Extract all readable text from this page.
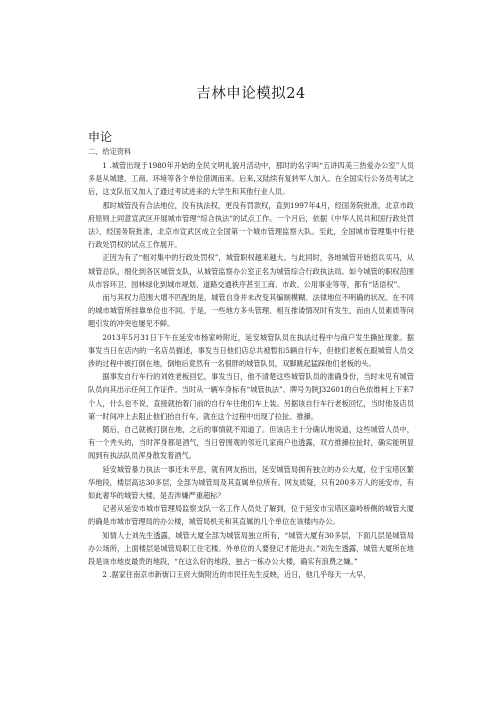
吉林申论模拟24
申论
二、给定资料

1 .城管出现于1980年开始的全民文明礼貌月活动中，那时的名字叫“五讲四美三热爱办公室”人员多是从城建、工商、环境等各个单位借调而来。后来,又陆续有复转军人加入、在全国实行公务员考试之后，这支队伍又加入了通过考试进来的大学生和其他行业人员。

那时城管没有合法地位，没有执法权，更没有罚款权，直到1997年4月，经国务院批准，北京市政府原则上同意宣武区开展城市管理“综合执法”的试点工作。一个月后，依据《中华人民共和国行政处罚法》，经国务院批准，北京市宣武区成立全国第一个城市管理监察大队。至此，全国城市管理集中行使行政处罚权的试点工作展开。

正因为有了“相对集中的行政处罚权”，城管职权越来越大。与此同时，各地城管开始招兵买马，从城管总队，细化到各区城管支队，从城管监察办公室正名为城管综合行政执法局。如今城管的职权范围从市容环卫、园林绿化到城市规划、道路交通秩序甚至工商、市政、公用事业等等，都有“话语权”。

而与其权力范围大增不匹配的是，城管自身并未改变其编制模糊、法律地位不明确的状况。在不同的城市城管所挂靠单位也不同。于是，一些地方多头管理、相互推诿情况时有发生，而由人员素质等问题引发的冲突也屡见不鲜。

2013年5月31日下午在延安市杨家岭附近，延安城管队员在执法过程中与商户发生撕扯现象。据事发当日在店内的一名店员描述，事发当日他们店总共被暂扣5辆自行车，但他们老板在跟城管人员交涉的过程中被打倒在地，倒地后竟然有一名很胖的城管队员，双脚跳起猛踩他们老板的头。

据事发自行车行的刘姓老板回忆，事发当日，他不清楚这些城管队员的准确身份，当时未见有城管队员向其出示任何工作证件。当时从一辆车身标有“城管执法”、牌号为陕J32601的白色依维柯上下来7个人，什么也不说，直接就抬着门前的自行车往他们车上装。另据该自行车行老板回忆，当时他及店员第一时间冲上去阻止他们抬自行车，就在这个过程中出现了拉扯、推搡。

随后，自己就被打倒在地，之后的事情就不知道了。但该店主十分确认地说道，这些城管人员中，有一个秃头的，当时浑身都是酒气，当日曾围观的邻近几家商户也透露，双方推搡拉扯时，确实能明显闻到有执法队员浑身散发着酒气。

延安城管暴力执法一事还未平息，就有网友指出，延安城管局拥有独立的办公大厦，位于宝塔区繁华地段，楼层高达30多层，全部为城管局及其直属单位所有。网友质疑，只有200多万人的延安市，有如此奢华的城管大楼，是否涉嫌严重超标？

记者从延安市城市管理局监察支队一名工作人员处了解到，位于延安市宝塔区嘉岭桥侧的城管大厦的确是市城市管理局的办公楼，城管局机关和其直属的几个单位在该楼内办公。

知情人士刘先生透露，城管大厦全部为城管局独立所有，“城管大厦有30多层，下面几层是城管局办公场所，上面楼层是城管局职工住宅楼。外单位的人要登记才能进去。”刘先生透露，城管大厦所在地段是该市地皮最贵的地段，“在这么好的地段，独占一栋办公大楼，确实有浪费之嫌。”

2 .据家住南京市新街口王府大街附近的市民任先生反映，近日，他几乎每天一大早，
